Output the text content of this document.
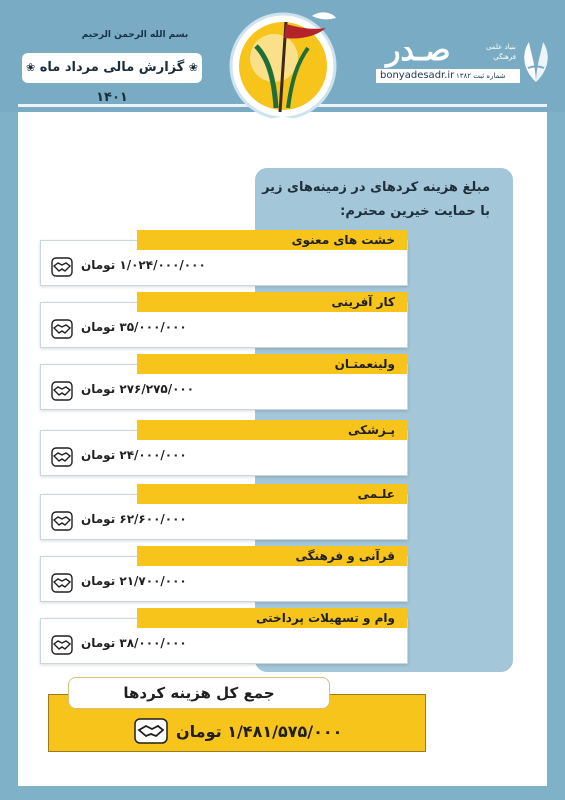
بسم الله الرحمن الرحیم
❀ گزارش مالی مرداد ماه ۱۴۰۱ ❀
صـدر	بنیاد علمی فرهنگی
bonyadesadr.ir شماره ثبت ۱۳۸۲
مبلغ هزینه کردهای در زمینه‌های زیر
با حمایت خیرین محترم:
خشت های معنوی
۱/۰۲۴/۰۰۰/۰۰۰ تومان
کار آفرینی
۳۵/۰۰۰/۰۰۰ تومان
ولینعمتـان
۲۷۶/۲۷۵/۰۰۰ تومان
پـزشکی
۲۴/۰۰۰/۰۰۰ تومان
علـمی
۶۲/۶۰۰/۰۰۰ تومان
قرآنی و فرهنگی
۲۱/۷۰۰/۰۰۰ تومان
وام و تسهیلات پرداختی
۳۸/۰۰۰/۰۰۰ تومان
جمع کل هزینه کردها
۱/۴۸۱/۵۷۵/۰۰۰ تومان
